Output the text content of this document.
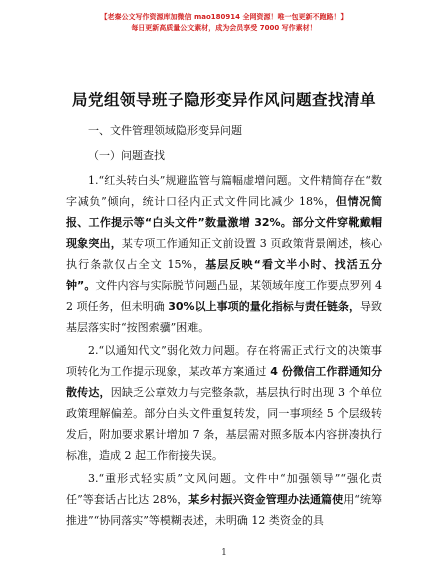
【老秦公文写作资源库加微信 mao180914 全网资源！唯一包更新不跑路！】
每日更新高质量公文素材，成为会员享受 7000 写作素材！
局党组领导班子隐形变异作风问题查找清单
一、文件管理领域隐形变异问题
（一）问题查找

1.“红头转白头”规避监管与篇幅虚增问题。文件精简存在“数字减负”倾向，统计口径内正式文件同比减少 18%，但情况简报、工作提示等“白头文件”数量激增 32%。部分文件穿靴戴帽现象突出，某专项工作通知正文前设置 3 页政策背景阐述，核心执行条款仅占全文 15%，基层反映“看文半小时、找活五分钟”。文件内容与实际脱节问题凸显，某领域年度工作要点罗列 42 项任务，但未明确 30%以上事项的量化指标与责任链条，导致基层落实时“按图索骥”困难。

2.“以通知代文”弱化效力问题。存在将需正式行文的决策事项转化为工作提示现象，某改革方案通过 4 份微信工作群通知分散传达，因缺乏公章效力与完整条款，基层执行时出现 3 个单位政策理解偏差。部分白头文件重复转发，同一事项经 5 个层级转发后，附加要求累计增加 7 条，基层需对照多版本内容拼凑执行标准，造成 2 起工作衔接失误。

3.“重形式轻实质”文风问题。文件中“加强领导”“强化责任”等套话占比达 28%，某乡村振兴资金管理办法通篇使用“统筹推进”“协同落实”等模糊表述，未明确 12 类资金的具

1
